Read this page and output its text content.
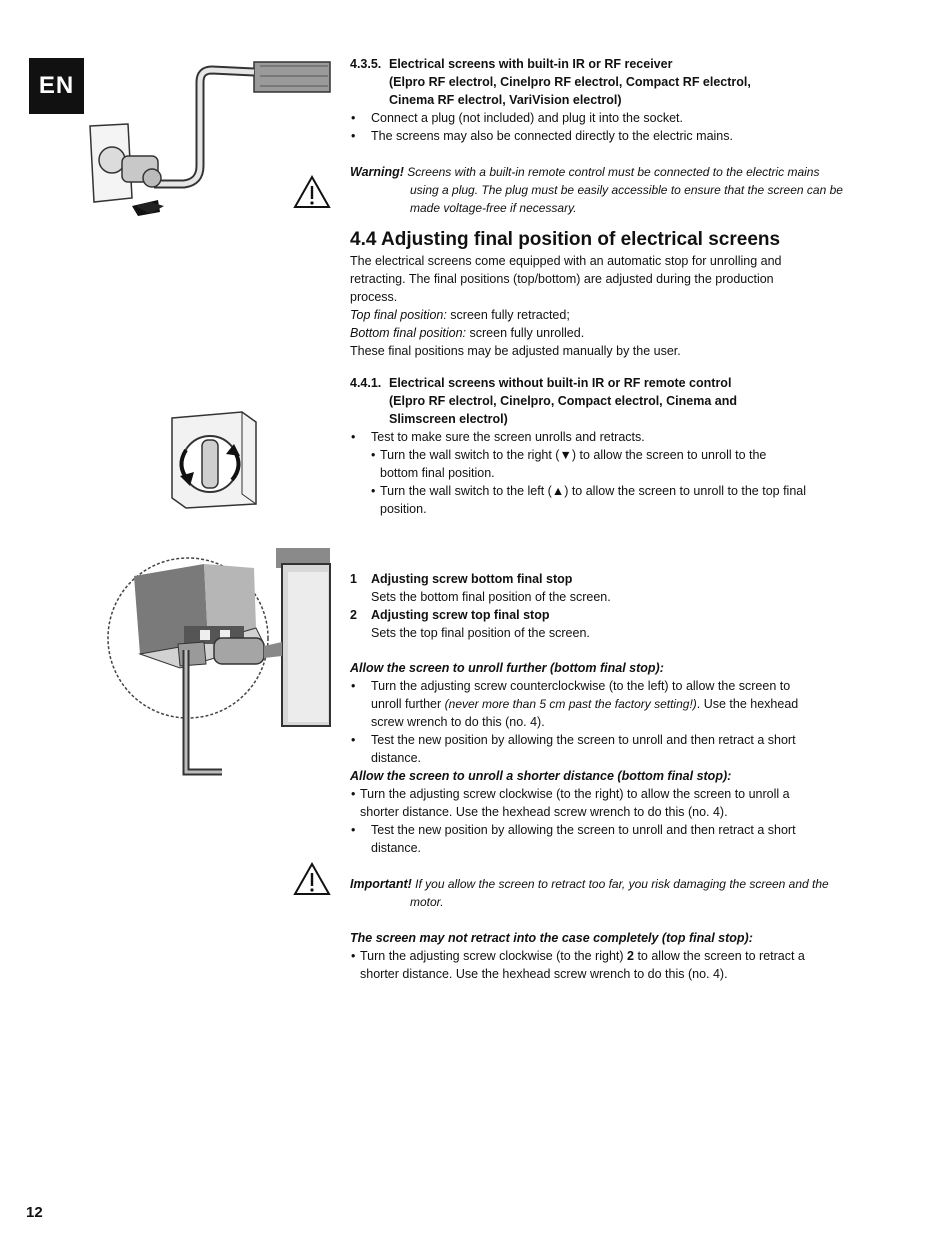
EN

4.3.5. Electrical screens with built-in IR or RF receiver
(Elpro RF electrol, Cinelpro RF electrol, Compact RF electrol,
Cinema RF electrol, VariVision electrol)

• Connect a plug (not included) and plug it into the socket.

• The screens may also be connected directly to the electric mains.

Warning! Screens with a built-in remote control must be connected to the electric mains
using a plug. The plug must be easily accessible to ensure that the screen can be
made voltage-free if necessary.

4.4 Adjusting final position of electrical screens

The electrical screens come equipped with an automatic stop for unrolling and

retracting. The final positions (top/bottom) are adjusted during the production

process.

Top final position: screen fully retracted;

Bottom final position: screen fully unrolled.

These final positions may be adjusted manually by the user.

4.4.1. Electrical screens without built-in IR or RF remote control
(Elpro RF electrol, Cinelpro, Compact electrol, Cinema and
Slimscreen electrol)

• Test to make sure the screen unrolls and retracts.

• Turn the wall switch to the right (▼) to allow the screen to unroll to the
bottom final position.

• Turn the wall switch to the left (▲) to allow the screen to unroll to the top final
position.

1 Adjusting screw bottom final stop

Sets the bottom final position of the screen.

2 Adjusting screw top final stop

Sets the top final position of the screen.

Allow the screen to unroll further (bottom final stop):

• Turn the adjusting screw counterclockwise (to the left) to allow the screen to
unroll further (never more than 5 cm past the factory setting!). Use the hexhead
screw wrench to do this (no. 4).

• Test the new position by allowing the screen to unroll and then retract a short
distance.

Allow the screen to unroll a shorter distance (bottom final stop):

• Turn the adjusting screw clockwise (to the right) to allow the screen to unroll a
shorter distance. Use the hexhead screw wrench to do this (no. 4).

• Test the new position by allowing the screen to unroll and then retract a short
distance.

Important! If you allow the screen to retract too far, you risk damaging the screen and the
motor.

The screen may not retract into the case completely (top final stop):

• Turn the adjusting screw clockwise (to the right) 2 to allow the screen to retract a
shorter distance. Use the hexhead screw wrench to do this (no. 4).

12
